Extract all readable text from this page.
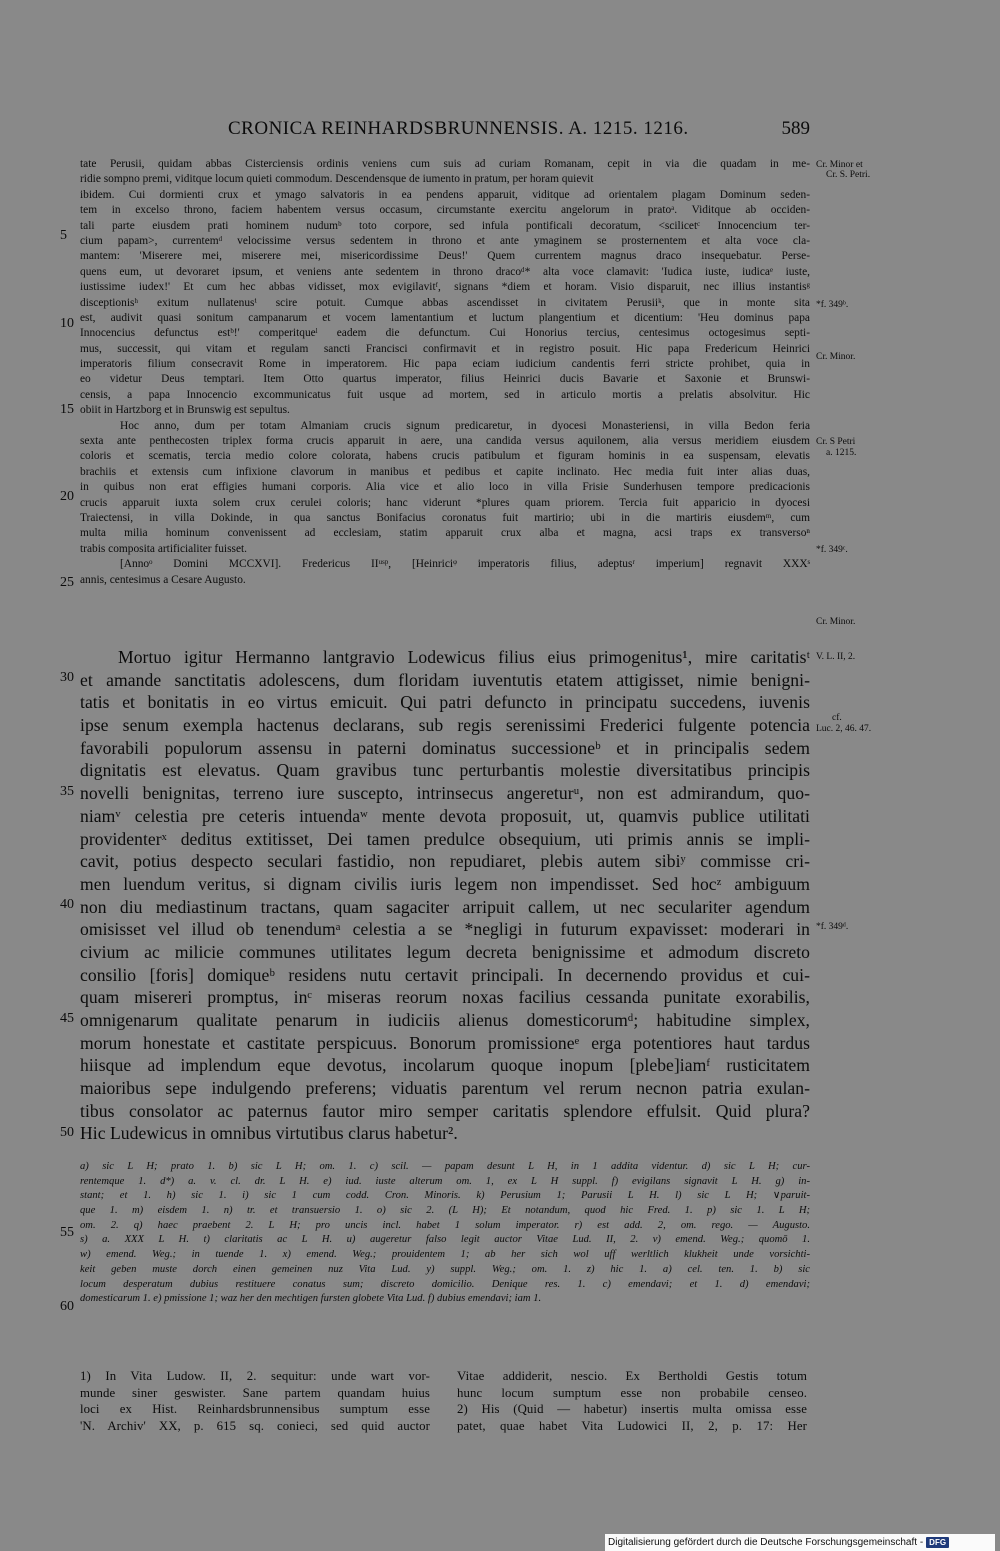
CRONICA REINHARDSBRUNNENSIS. A. 1215. 1216.	589
tate Perusii, quidam abbas Cisterciensis ordinis veniens cum suis ad curiam Romanam, cepit in via die quadam in me-
ridie sompno premi, viditque locum quieti commodum. Descendensque de iumento in pratum, per horam quievit
ibidem. Cui dormienti crux et ymago salvatoris in ea pendens apparuit, viditque ad orientalem plagam Dominum seden-
tem in excelso throno, faciem habentem versus occasum, circumstante exercitu angelorum in pratoᵃ. Viditque ab occiden-
tali parte eiusdem prati hominem nudumᵇ toto corpore, sed infula pontificali decoratum, <scilicetᶜ Innocencium ter-
cium papam>, currentemᵈ velocissime versus sedentem in throno et ante ymaginem se prosternentem et alta voce cla-
mantem: 'Miserere mei, miserere mei, misericordissime Deus!' Quem currentem magnus draco insequebatur. Perse-
quens eum, ut devoraret ipsum, et veniens ante sedentem in throno dracoᵈ* alta voce clamavit: 'Iudica iuste, iudicaᵉ iuste,
iustissime iudex!' Et cum hec abbas vidisset, mox evigilavitᶠ, signans *diem et horam. Visio disparuit, nec illius instantisᵍ
disceptionisʰ exitum nullatenusⁱ scire potuit. Cumque abbas ascendisset in civitatem Perusiiᵏ, que in monte sita
est, audivit quasi sonitum campanarum et vocem lamentantium et luctum plangentium et dicentium: 'Heu dominus papa
Innocencius defunctus estᵇ!' comperitqueˡ eadem die defunctum. Cui Honorius tercius, centesimus octogesimus septi-
mus, successit, qui vitam et regulam sancti Francisci confirmavit et in registro posuit. Hic papa Fredericum Heinrici
imperatoris filium consecravit Rome in imperatorem. Hic papa eciam iudicium candentis ferri stricte prohibet, quia in
eo videtur Deus temptari. Item Otto quartus imperator, filius Heinrici ducis Bavarie et Saxonie et Brunswi-
censis, a papa Innocencio excommunicatus fuit usque ad mortem, sed in articulo mortis a prelatis absolvitur. Hic
obiit in Hartzborg et in Brunswig est sepultus.
Hoc anno, dum per totam Almaniam crucis signum predicaretur, in dyocesi Monasteriensi, in villa Bedon feria
sexta ante penthecosten triplex forma crucis apparuit in aere, una candida versus aquilonem, alia versus meridiem eiusdem
coloris et scematis, tercia medio colore colorata, habens crucis patibulum et figuram hominis in ea suspensam, elevatis
brachiis et extensis cum infixione clavorum in manibus et pedibus et capite inclinato. Hec media fuit inter alias duas,
in quibus non erat effigies humani corporis. Alia vice et alio loco in villa Frisie Sunderhusen tempore predicacionis
crucis apparuit iuxta solem crux cerulei coloris; hanc viderunt *plures quam priorem. Tercia fuit apparicio in dyocesi
Traiectensi, in villa Dokinde, in qua sanctus Bonifacius coronatus fuit martirio; ubi in die martiris eiusdemᵐ, cum
multa milia hominum convenissent ad ecclesiam, statim apparuit crux alba et magna, acsi traps ex transversoⁿ
trabis composita artificialiter fuisset.
[Annoᵒ Domini MCCXVI]. Fredericus IIᵘˢᵖ, [Heinriciᵠ imperatoris filius, adeptusʳ imperium] regnavit XXXˢ
annis, centesimus a Cesare Augusto.
Mortuo igitur Hermanno lantgravio Lodewicus filius eius primogenitus¹, mire caritatisᵗ
et amande sanctitatis adolescens, dum floridam iuventutis etatem attigisset, nimie benigni-
tatis et bonitatis in eo virtus emicuit. Qui patri defuncto in principatu succedens, iuvenis
ipse senum exempla hactenus declarans, sub regis serenissimi Frederici fulgente potencia
favorabili populorum assensu in paterni dominatus successioneᵇ et in principalis sedem
dignitatis est elevatus. Quam gravibus tunc perturbantis molestie diversitatibus principis
novelli benignitas, terreno iure suscepto, intrinsecus angereturᵘ, non est admirandum, quo-
niamᵛ celestia pre ceteris intuendaʷ mente devota proposuit, ut, quamvis publice utilitati
providenterˣ deditus extitisset, Dei tamen predulce obsequium, uti primis annis se impli-
cavit, potius despecto seculari fastidio, non repudiaret, plebis autem sibiʸ commisse cri-
men luendum veritus, si dignam civilis iuris legem non impendisset. Sed hocᶻ ambiguum
non diu mediastinum tractans, quam sagaciter arripuit callem, ut nec seculariter agendum
omisisset vel illud ob tenendumᵃ celestia a se *negligi in futurum expavisset: moderari in
civium ac milicie communes utilitates legum decreta benignissime et admodum discreto
consilio [foris] domiqueᵇ residens nutu certavit principali. In decernendo providus et cui-
quam misereri promptus, inᶜ miseras reorum noxas facilius cessanda punitate exorabilis,
omnigenarum qualitate penarum in iudiciis alienus domesticorumᵈ; habitudine simplex,
morum honestate et castitate perspicuus. Bonorum promissioneᵉ erga potentiores haut tardus
hiisque ad implendum eque devotus, incolarum quoque inopum [plebe]iamᶠ rusticitatem
maioribus sepe indulgendo preferens; viduatis parentum vel rerum necnon patria exulan-
tibus consolator ac paternus fautor miro semper caritatis splendore effulsit. Quid plura?
Hic Ludewicus in omnibus virtutibus clarus habetur².
a) sic L H; prato 1. b) sic L H; om. 1. c) scil. — papam desunt L H, in 1 addita videntur. d) sic L H; cur-
rentemque 1. d*) a. v. cl. dr. L H. e) iud. iuste alterum om. 1, ex L H suppl. f) evigilans signavit L H. g) in-
stant; et 1. h) sic 1. i) sic 1 cum codd. Cron. Minoris. k) Perusium 1; Parusii L H. l) sic L H; ∨paruit-
que 1. m) eisdem 1. n) tr. et transuersio 1. o) sic 2. (L H); Et notandum, quod hic Fred. 1. p) sic 1. L H;
om. 2. q) haec praebent 2. L H; pro uncis incl. habet 1 solum imperator. r) est add. 2, om. rego. — Augusto.
s) a. XXX L H. t) claritatis ac L H. u) augeretur falso legit auctor Vitae Lud. II, 2. v) emend. Weg.; quomō 1.
w) emend. Weg.; in tuende 1. x) emend. Weg.; prouidentem 1; ab her sich wol uff werltlich klukheit unde vorsichti-
keit geben muste dorch einen gemeinen nuz Vita Lud. y) suppl. Weg.; om. 1. z) hic 1. a) cel. ten. 1. b) sic
locum desperatum dubius restituere conatus sum; discreto domicilio. Denique res. 1. c) emendavi; et 1. d) emendavi;
domesticarum 1. e) pmissione 1; waz her den mechtigen fursten globete Vita Lud. f) dubius emendavi; iam 1.
1) In Vita Ludow. II, 2. sequitur: unde wart vor-
munde siner geswister. Sane partem quandam huius
loci ex Hist. Reinhardsbrunnensibus sumptum esse
'N. Archiv' XX, p. 615 sq. conieci, sed quid auctor
Vitae addiderit, nescio. Ex Bertholdi Gestis totum
hunc locum sumptum esse non probabile censeo.
2) His (Quid — habetur) insertis multa omissa esse
patet, quae habet Vita Ludowici II, 2, p. 17: Her
5
10
15
20
25
30
35
40
45
50
55
60
Cr. Minor et
Cr. S. Petri.
*f. 349ᵇ.
Cr. Minor.
Cr. S Petri
a. 1215.
*f. 349ᶜ.
Cr. Minor.
V. L. II, 2.
cf.
Luc. 2, 46. 47.
*f. 349ᵈ.
Digitalisierung gefördert durch die Deutsche Forschungsgemeinschaft - DFG
